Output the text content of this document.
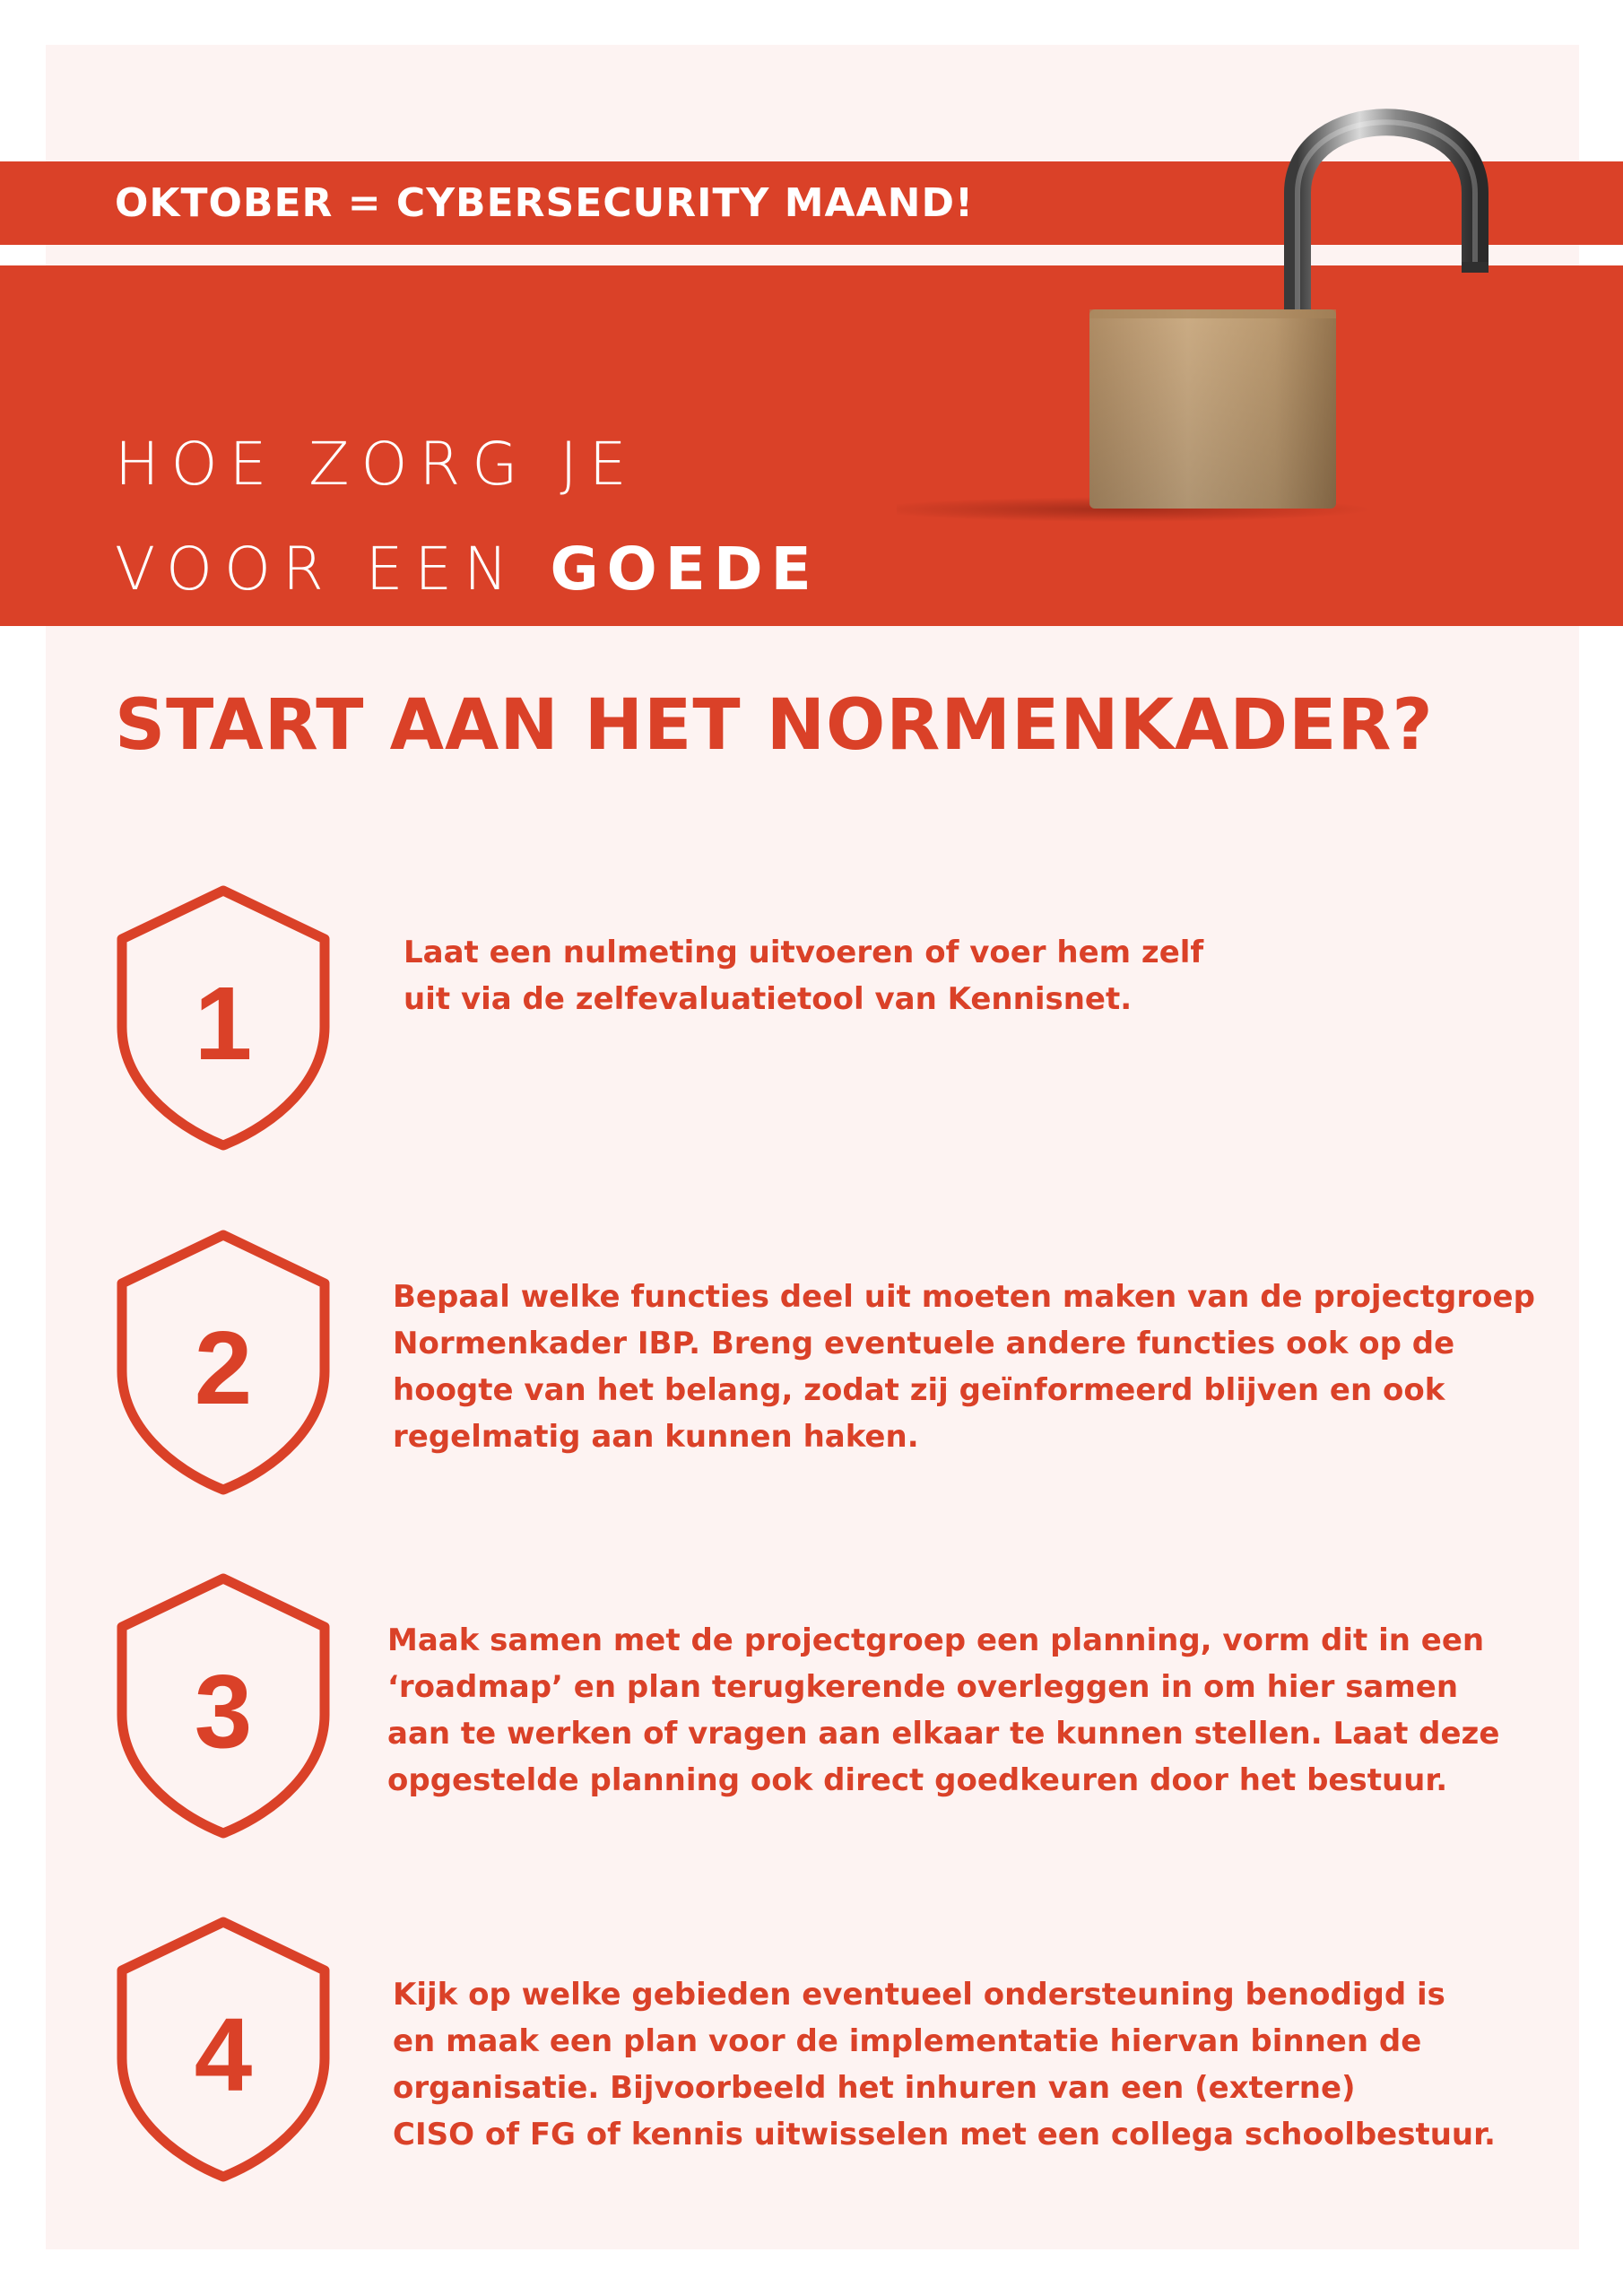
OKTOBER = CYBERSECURITY MAAND!
HOE ZORG JE
VOOR EEN GOEDE
START AAN HET NORMENKADER?
1
Laat een nulmeting uitvoeren of voer hem zelf
uit via de zelfevaluatietool van Kennisnet.
2
Bepaal welke functies deel uit moeten maken van de projectgroep
Normenkader IBP. Breng eventuele andere functies ook op de
hoogte van het belang, zodat zij geïnformeerd blijven en ook
regelmatig aan kunnen haken.
3
Maak samen met de projectgroep een planning, vorm dit in een
‘roadmap’ en plan terugkerende overleggen in om hier samen
aan te werken of vragen aan elkaar te kunnen stellen. Laat deze
opgestelde planning ook direct goedkeuren door het bestuur.
4
Kijk op welke gebieden eventueel ondersteuning benodigd is
en maak een plan voor de implementatie hiervan binnen de
organisatie. Bijvoorbeeld het inhuren van een (externe)
CISO of FG of kennis uitwisselen met een collega schoolbestuur.
